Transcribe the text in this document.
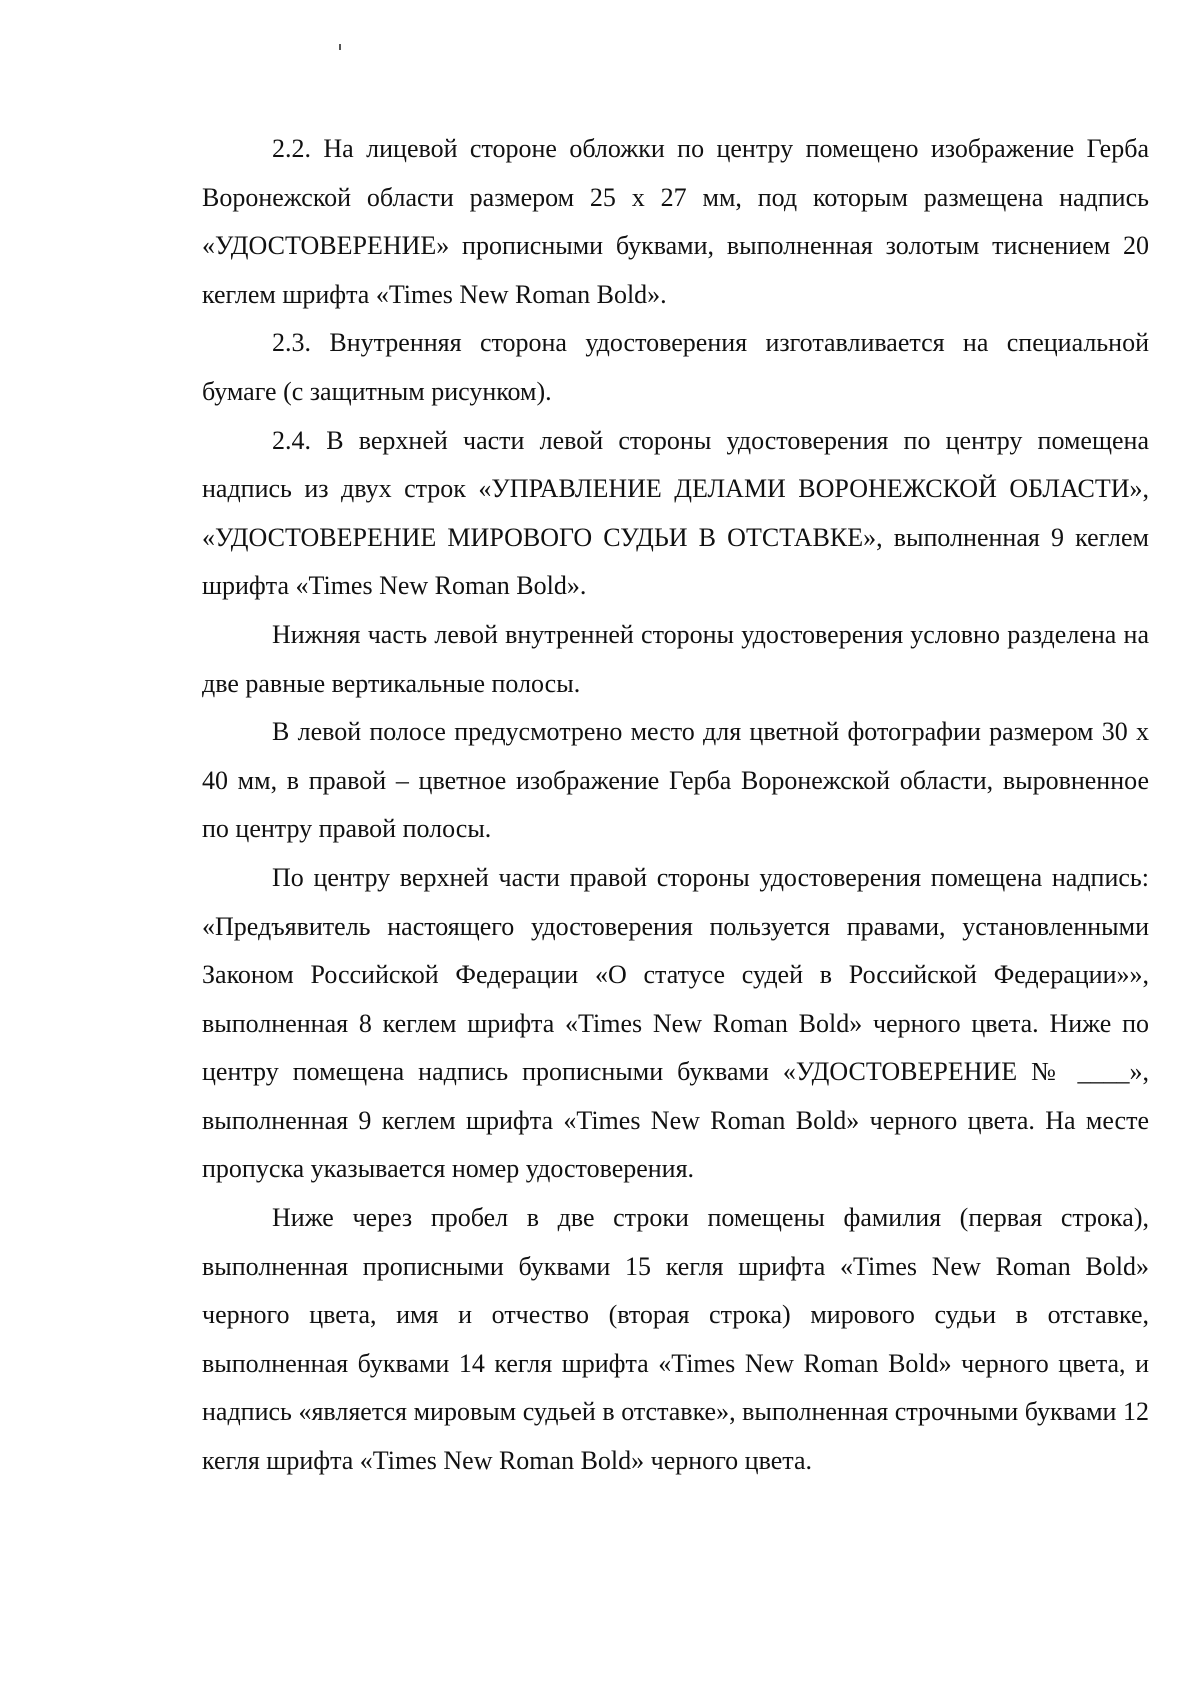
2.2. На лицевой стороне обложки по центру помещено изображение Герба Воронежской области размером 25 х 27 мм, под которым размещена надпись «УДОСТОВЕРЕНИЕ» прописными буквами, выполненная золотым тиснением 20 кеглем шрифта «Times New Roman Bold».

2.3. Внутренняя сторона удостоверения изготавливается на специальной бумаге (с защитным рисунком).

2.4. В верхней части левой стороны удостоверения по центру помещена надпись из двух строк «УПРАВЛЕНИЕ ДЕЛАМИ ВОРОНЕЖСКОЙ ОБЛАСТИ», «УДОСТОВЕРЕНИЕ МИРОВОГО СУДЬИ В ОТСТАВКЕ», выполненная 9 кеглем шрифта «Times New Roman Bold».

Нижняя часть левой внутренней стороны удостоверения условно разделена на две равные вертикальные полосы.

В левой полосе предусмотрено место для цветной фотографии размером 30 х 40 мм, в правой – цветное изображение Герба Воронежской области, выровненное по центру правой полосы.

По центру верхней части правой стороны удостоверения помещена надпись: «Предъявитель настоящего удостоверения пользуется правами, установленными Законом Российской Федерации «О статусе судей в Российской Федерации»», выполненная 8 кеглем шрифта «Times New Roman Bold» черного цвета. Ниже по центру помещена надпись прописными буквами «УДОСТОВЕРЕНИЕ № ____», выполненная 9 кеглем шрифта «Times New Roman Bold» черного цвета. На месте пропуска указывается номер удостоверения.

Ниже через пробел в две строки помещены фамилия (первая строка), выполненная прописными буквами 15 кегля шрифта «Times New Roman Bold» черного цвета, имя и отчество (вторая строка) мирового судьи в отставке, выполненная буквами 14 кегля шрифта «Times New Roman Bold» черного цвета, и надпись «является мировым судьей в отставке», выполненная строчными буквами 12 кегля шрифта «Times New Roman Bold» черного цвета.
